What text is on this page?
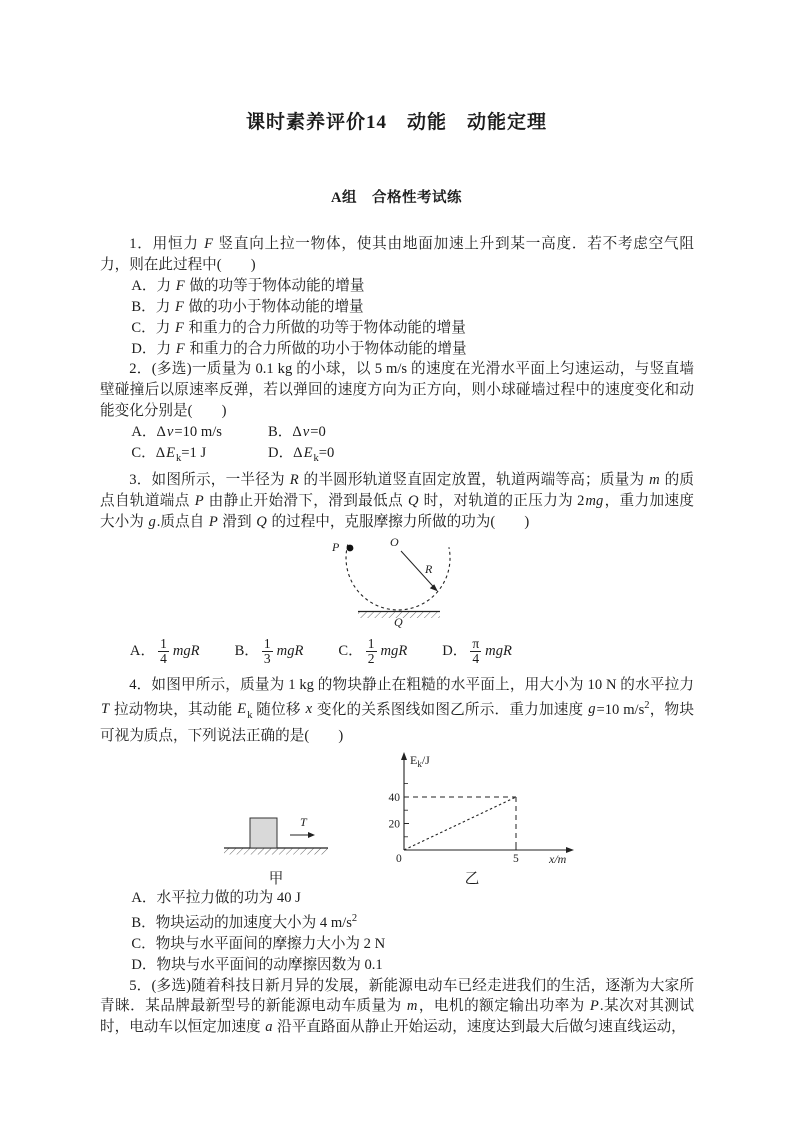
课时素养评价14　动能　动能定理
A组　合格性考试练

1．用恒力 F 竖直向上拉一物体，使其由地面加速上升到某一高度．若不考虑空气阻力，则在此过程中(　　)

A．力 F 做的功等于物体动能的增量
B．力 F 做的功小于物体动能的增量
C．力 F 和重力的合力所做的功等于物体动能的增量
D．力 F 和重力的合力所做的功小于物体动能的增量

2．(多选)一质量为 0.1 kg 的小球，以 5 m/s 的速度在光滑水平面上匀速运动，与竖直墙壁碰撞后以原速率反弹，若以弹回的速度方向为正方向，则小球碰墙过程中的速度变化和动能变化分别是(　　)

A．Δv=10 m/s	B．Δv=0
C．$\Delta E_k=1$ J	D．$\Delta E_k=0$

3．如图所示，一半径为 R 的半圆形轨道竖直固定放置，轨道两端等高；质量为 m 的质点自轨道端点 P 由静止开始滑下，滑到最低点 Q 时，对轨道的正压力为 2mg，重力加速度大小为 g.质点自 P 滑到 Q 的过程中，克服摩擦力所做的功为(　　)

P	O
R
Q
A． $\frac{1}{4}$ mgR B． $\frac{1}{3}$ mgR C． $\frac{1}{2}$ mgR D． $\frac{\pi}{4}$ mgR

4．如图甲所示，质量为 1 kg 的物块静止在粗糙的水平面上，用大小为 10 N 的水平拉力 T 拉动物块，其动能 $E_k$ 随位移 x 变化的关系图线如图乙所示．重力加速度 g=10 $m/s^2$，物块可视为质点，下列说法正确的是(　　)

T
甲
$E_k/J$
40
20
0	5	x/m
乙
A．水平拉力做的功为 40 J
B．物块运动的加速度大小为 4 $m/s^2$
C．物块与水平面间的摩擦力大小为 2 N
D．物块与水平面间的动摩擦因数为 0.1

5．(多选)随着科技日新月异的发展，新能源电动车已经走进我们的生活，逐渐为大家所青睐．某品牌最新型号的新能源电动车质量为 m，电机的额定输出功率为 P.某次对其测试时，电动车以恒定加速度 a 沿平直路面从静止开始运动，速度达到最大后做匀速直线运动，
